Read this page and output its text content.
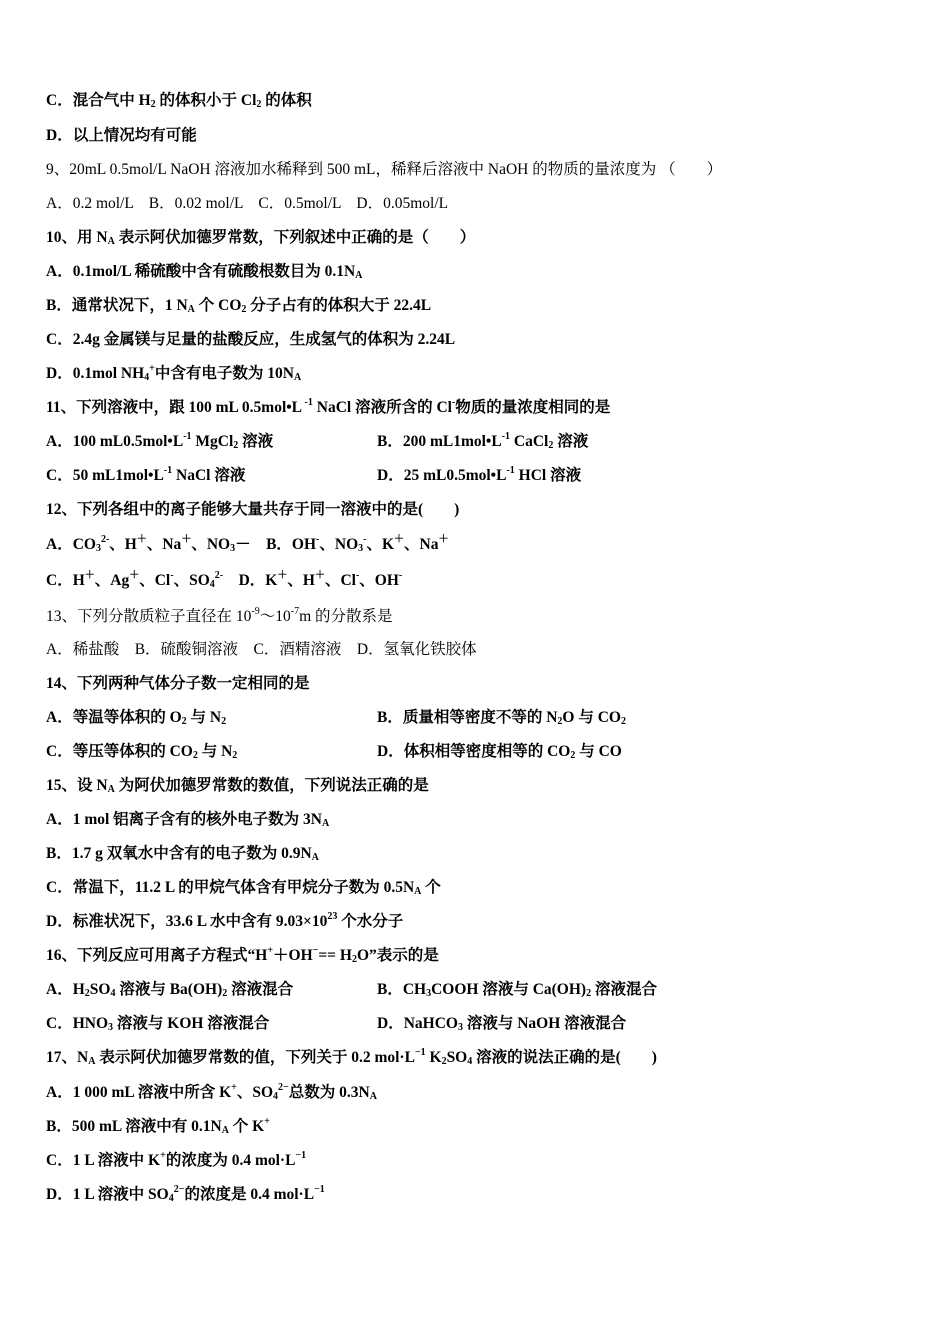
C．混合气中 $H_2$ 的体积小于 $Cl_2$ 的体积
D．以上情况均有可能
9、20mL 0.5mol/L NaOH 溶液加水稀释到 500 mL，稀释后溶液中 NaOH 的物质的量浓度为 （　　）
A．0.2 mol/L　B．0.02 mol/L　C．0.5mol/L　D．0.05mol/L
10、用 $N_A$ 表示阿伏加德罗常数，下列叙述中正确的是（　　）
A．0.1mol/L 稀硫酸中含有硫酸根数目为 $0.1N_A$
B．通常状况下，1 $N_A$ 个 $CO_2$ 分子占有的体积大于 22.4L
C．2.4g 金属镁与足量的盐酸反应，生成氢气的体积为 2.24L
D．0.1mol $NH_4^+$中含有电子数为 $10N_A$
11、下列溶液中，跟 100 mL 0.5mol•L $^{-1}$ NaCl 溶液所含的 Cl-物质的量浓度相同的是
A．100 $mL0.5mol•L^{-1}$ MgCl$_2$ 溶液	B．200 $mL1mol•L^{-1}$ CaCl$_2$ 溶液
C．50 $mL1mol•L^{-1}$ NaCl 溶液	D．25 $mL0.5mol•L^{-1}$ HCl 溶液
12、下列各组中的离子能够大量共存于同一溶液中的是(　　)
A．$CO_3^{2-}$、H＋、Na＋、$NO_3-$　B．OH-、$NO_3^-$、K＋、Na＋
C．H＋、Ag＋、Cl-、$SO_4^{2-}$　D．K＋、H＋、Cl-、OH-
13、下列分散质粒子直径在 $10^{-9}\sim 10^{-7}m$ 的分散系是
A．稀盐酸　B．硫酸铜溶液　C．酒精溶液　D．氢氧化铁胶体
14、下列两种气体分子数一定相同的是
A．等温等体积的 $O_2$ 与 $N_2$	B．质量相等密度不等的 $N_2O$ 与 $CO_2$
C．等压等体积的 $CO_2$ 与 $N_2$	D．体积相等密度相等的 $CO_2$ 与 CO
15、设 $N_A$ 为阿伏加德罗常数的数值，下列说法正确的是
A．1 mol 铝离子含有的核外电子数为 $3N_A$
B．1.7 g 双氧水中含有的电子数为 $0.9N_A$
C．常温下，11.2 L 的甲烷气体含有甲烷分子数为 $0.5N_A$ 个
D．标准状况下，33.6 L 水中含有 $9.03\times 10^{23}$ 个水分子
16、下列反应可用离子方程式“$H^++OH^-== H_2O$”表示的是
A．$H_2SO_4$ 溶液与 $Ba(OH)_2$ 溶液混合	B．$CH_3COOH$ 溶液与 $Ca(OH)_2$ 溶液混合
C．$HNO_3$ 溶液与 KOH 溶液混合	D．NaHCO$_3$ 溶液与 NaOH 溶液混合
17、$N_A$ 表示阿伏加德罗常数的值，下列关于 0.2 $mol\cdot L^{-1}$ $K_2SO_4$ 溶液的说法正确的是(　　)
A．1 000 mL 溶液中所含 K+、$SO_4^{2-}$总数为 $0.3N_A$
B．500 mL 溶液中有 $0.1N_A$ 个 K+
C．1 L 溶液中 K+的浓度为 0.4 $mol\cdot L^{-1}$
D．1 L 溶液中 $SO_4^{2-}$的浓度是 0.4 $mol\cdot L^{-1}$
